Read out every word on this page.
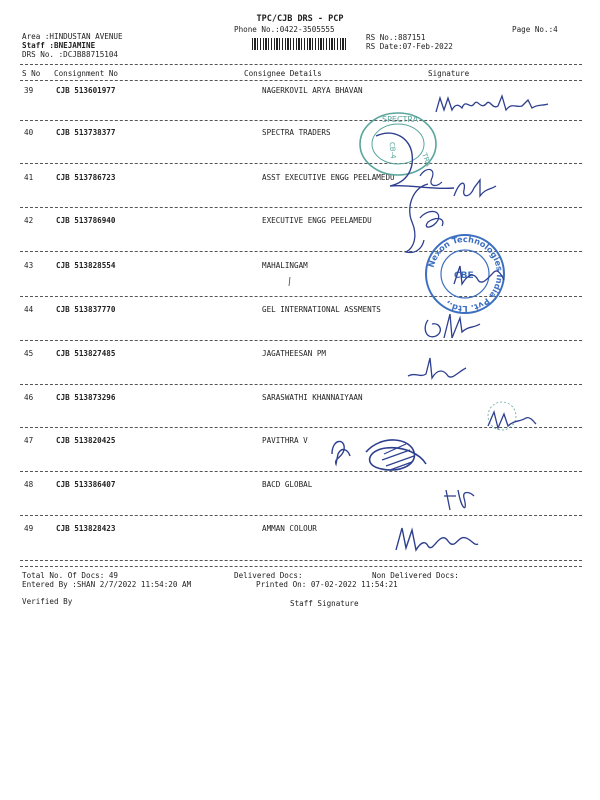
TPC/CJB DRS - PCP
Phone No.:0422-3505555	Page No.:4
Area :HINDUSTAN AVENUE
Staff :BNEJAMINE
DRS No. :DCJB88715104
RS No.:887151
RS Date:07-Feb-2022
S No Consignment No	Consignee Details	Signature
39	CJB 513601977	NAGERKOVIL ARYA BHAVAN
40	CJB 513738377	SPECTRA TRADERS
41	CJB 513786723	ASST EXECUTIVE ENGG PEELAMEDU
42	CJB 513786940	EXECUTIVE ENGG PEELAMEDU
43	CJB 513828554	MAHALINGAM
44	CJB 513837770	GEL INTERNATIONAL ASSMENTS
45	CJB 513827485	JAGATHEESAN PM
46	CJB 513873296	SARASWATHI KHANNAIYAAN
47	CJB 513820425	PAVITHRA V
48	CJB 513386407	BACD GLOBAL
49	CJB 513828423	AMMAN COLOUR
Total No. Of Docs: 49	Delivered Docs:	Non Delivered Docs:
Entered By :SHAN 2/7/2022 11:54:20 AM	Printed On: 07-02-2022 11:54:21
Verified By	Staff Signature
SPECTRA
TRA
CB-4
Nexon Technologies India Pvt. Ltd.,
CBE
